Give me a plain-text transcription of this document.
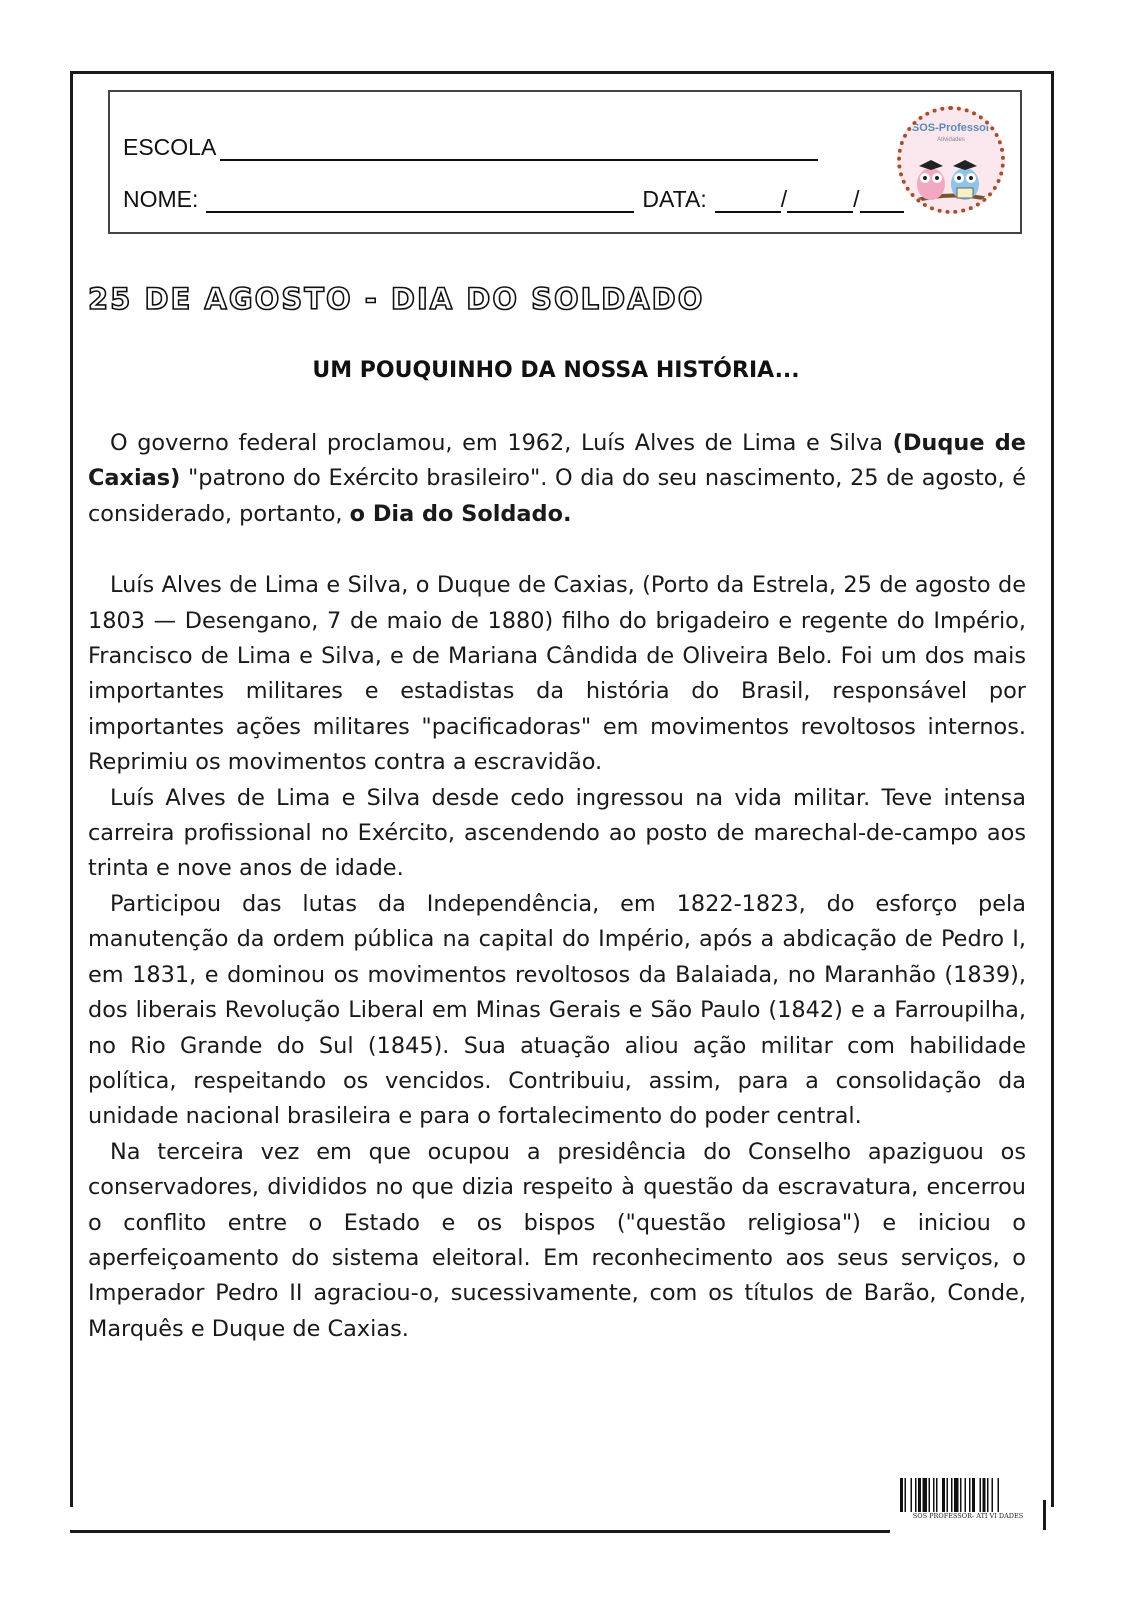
ESCOLA
NOME:	DATA:	/	/
SOS-Professor
Atividades
25 DE AGOSTO - DIA DO SOLDADO
UM POUQUINHO DA NOSSA HISTÓRIA...

O governo federal proclamou, em 1962, Luís Alves de Lima e Silva (Duque de Caxias) "patrono do Exército brasileiro". O dia do seu nascimento, 25 de agosto, é considerado, portanto, o Dia do Soldado.

Luís Alves de Lima e Silva, o Duque de Caxias, (Porto da Estrela, 25 de agosto de 1803 — Desengano, 7 de maio de 1880) filho do brigadeiro e regente do Império, Francisco de Lima e Silva, e de Mariana Cândida de Oliveira Belo. Foi um dos mais importantes militares e estadistas da história do Brasil, responsável por importantes ações militares "pacificadoras" em movimentos revoltosos internos. Reprimiu os movimentos contra a escravidão.

Luís Alves de Lima e Silva desde cedo ingressou na vida militar. Teve intensa carreira profissional no Exército, ascendendo ao posto de marechal-de-campo aos trinta e nove anos de idade.

Participou das lutas da Independência, em 1822-1823, do esforço pela manutenção da ordem pública na capital do Império, após a abdicação de Pedro I, em 1831, e dominou os movimentos revoltosos da Balaiada, no Maranhão (1839), dos liberais Revolução Liberal em Minas Gerais e São Paulo (1842) e a Farroupilha, no Rio Grande do Sul (1845). Sua atuação aliou ação militar com habilidade política, respeitando os vencidos. Contribuiu, assim, para a consolidação da unidade nacional brasileira e para o fortalecimento do poder central.

Na terceira vez em que ocupou a presidência do Conselho apaziguou os conservadores, divididos no que dizia respeito à questão da escravatura, encerrou o conflito entre o Estado e os bispos ("questão religiosa") e iniciou o aperfeiçoamento do sistema eleitoral. Em reconhecimento aos seus serviços, o Imperador Pedro II agraciou-o, sucessivamente, com os títulos de Barão, Conde, Marquês e Duque de Caxias.

SOS PROFESSOR- ATI VI DADES
